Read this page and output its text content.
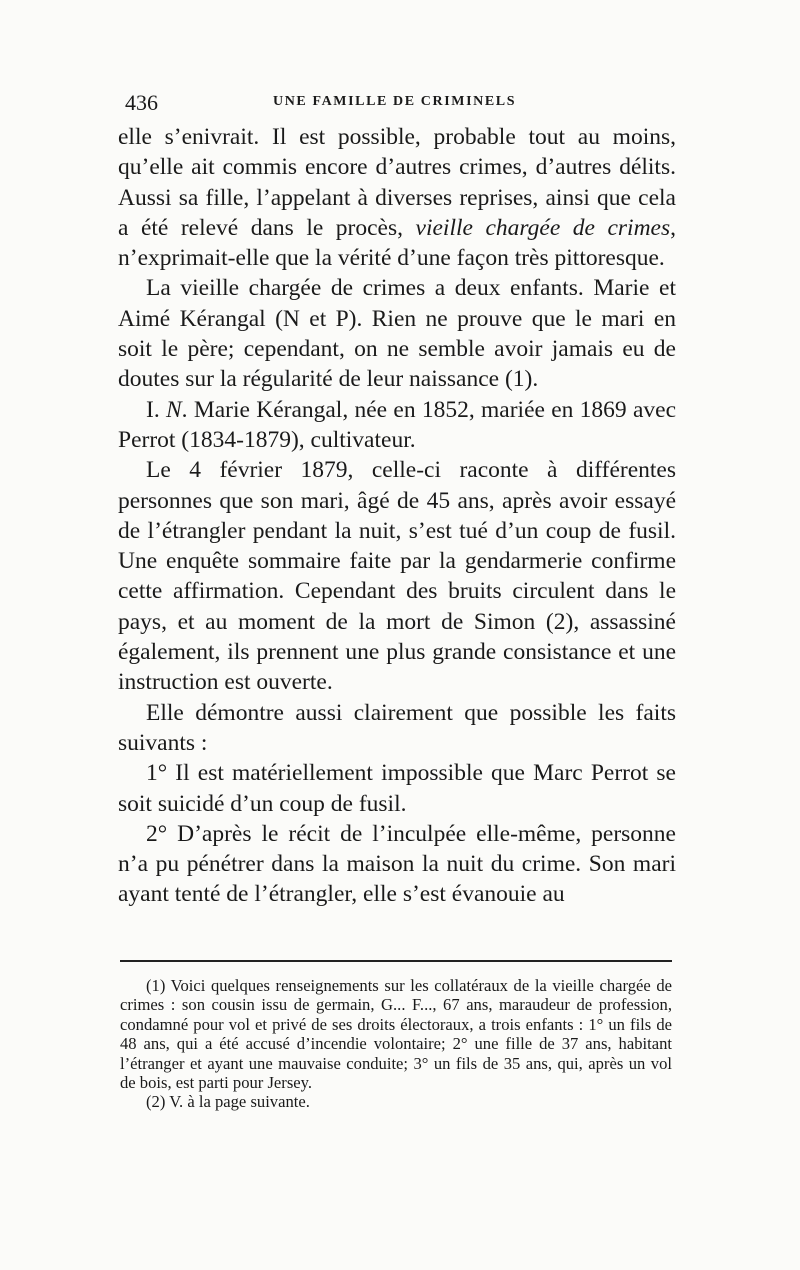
436	UNE FAMILLE DE CRIMINELS

elle s’enivrait. Il est possible, probable tout au moins, qu’elle ait commis encore d’autres crimes, d’autres délits. Aussi sa fille, l’appelant à diverses reprises, ainsi que cela a été relevé dans le procès, vieille chargée de crimes, n’exprimait-elle que la vérité d’une façon très pittoresque.

La vieille chargée de crimes a deux enfants. Marie et Aimé Kérangal (N et P). Rien ne prouve que le mari en soit le père; cependant, on ne semble avoir jamais eu de doutes sur la régularité de leur naissance (1).

I. N. Marie Kérangal, née en 1852, mariée en 1869 avec Perrot (1834-1879), cultivateur.

Le 4 février 1879, celle-ci raconte à différentes personnes que son mari, âgé de 45 ans, après avoir essayé de l’étrangler pendant la nuit, s’est tué d’un coup de fusil. Une enquête sommaire faite par la gendarmerie confirme cette affirmation. Cependant des bruits circulent dans le pays, et au moment de la mort de Simon (2), assassiné également, ils prennent une plus grande consistance et une instruction est ouverte.

Elle démontre aussi clairement que possible les faits suivants :

1° Il est matériellement impossible que Marc Perrot se soit suicidé d’un coup de fusil.

2° D’après le récit de l’inculpée elle-même, personne n’a pu pénétrer dans la maison la nuit du crime. Son mari ayant tenté de l’étrangler, elle s’est évanouie au

(1) Voici quelques renseignements sur les collatéraux de la vieille chargée de crimes : son cousin issu de germain, G... F..., 67 ans, maraudeur de profession, condamné pour vol et privé de ses droits électoraux, a trois enfants : 1° un fils de 48 ans, qui a été accusé d’incendie volontaire; 2° une fille de 37 ans, habitant l’étranger et ayant une mauvaise conduite; 3° un fils de 35 ans, qui, après un vol de bois, est parti pour Jersey.

(2) V. à la page suivante.
